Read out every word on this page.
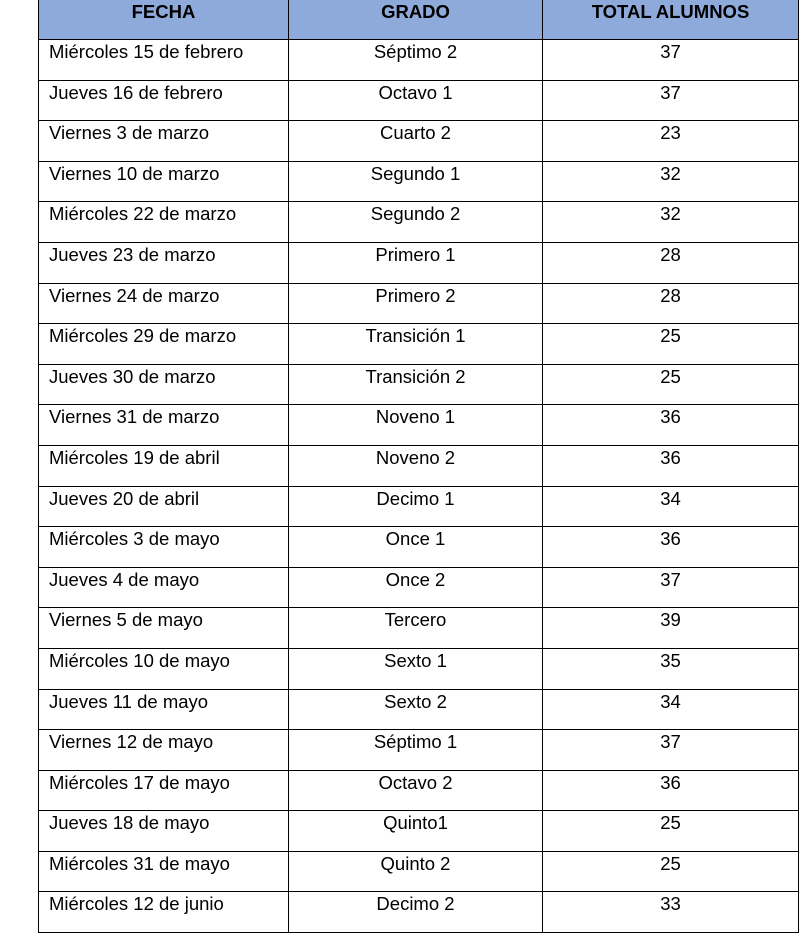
FECHA	GRADO	TOTAL ALUMNOS
Miércoles 15 de febrero	Séptimo 2	37
Jueves 16 de febrero	Octavo 1	37
Viernes 3 de marzo	Cuarto 2	23
Viernes 10 de marzo	Segundo 1	32
Miércoles 22 de marzo	Segundo 2	32
Jueves 23 de marzo	Primero 1	28
Viernes 24 de marzo	Primero 2	28
Miércoles 29 de marzo	Transición 1	25
Jueves 30 de marzo	Transición 2	25
Viernes 31 de marzo	Noveno 1	36
Miércoles 19 de abril	Noveno 2	36
Jueves 20 de abril	Decimo 1	34
Miércoles 3 de mayo	Once 1	36
Jueves 4 de mayo	Once 2	37
Viernes 5 de mayo	Tercero	39
Miércoles 10 de mayo	Sexto 1	35
Jueves 11 de mayo	Sexto 2	34
Viernes 12 de mayo	Séptimo 1	37
Miércoles 17 de mayo	Octavo 2	36
Jueves 18 de mayo	Quinto1	25
Miércoles 31 de mayo	Quinto 2	25
Miércoles 12 de junio	Decimo 2	33
